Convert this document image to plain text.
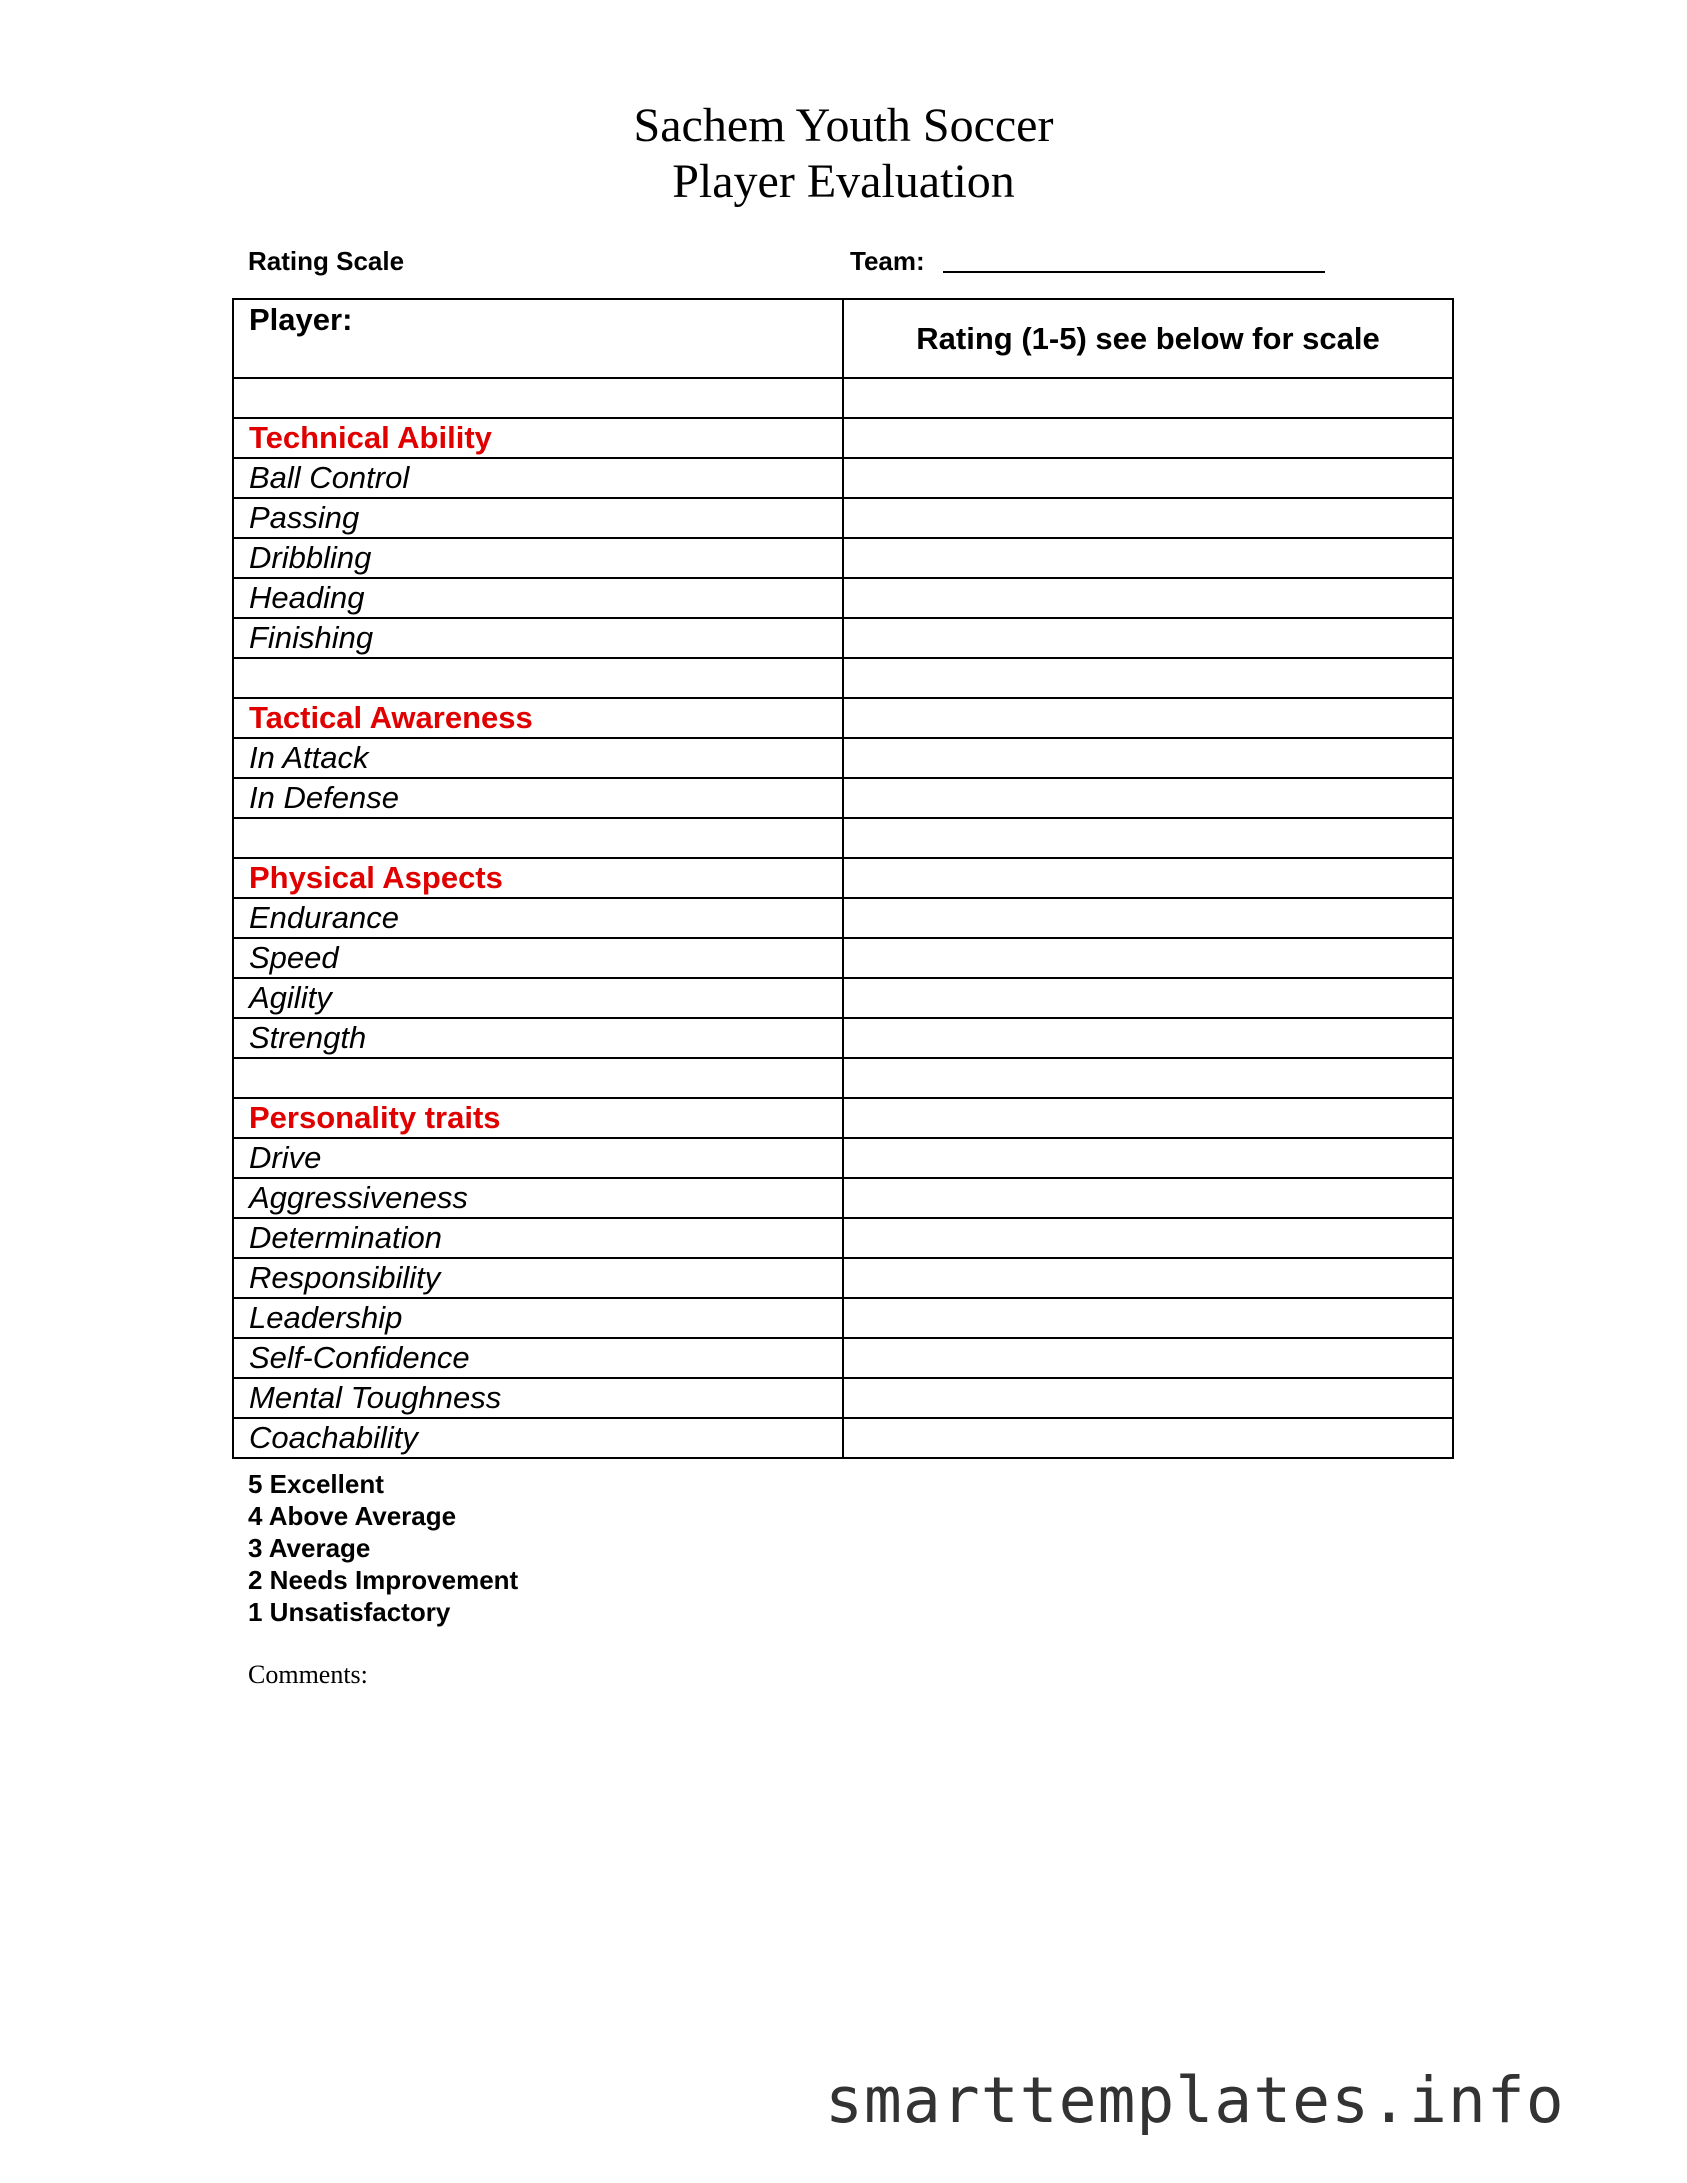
Sachem Youth Soccer
Player Evaluation
Rating Scale	Team:
Player:	Rating (1-5) see below for scale

Technical Ability	
Ball Control	
Passing	
Dribbling	
Heading	
Finishing	

Tactical Awareness	
In Attack	
In Defense	

Physical Aspects	
Endurance	
Speed	
Agility	
Strength	

Personality traits	
Drive	
Aggressiveness	
Determination	
Responsibility	
Leadership	
Self-Confidence	
Mental Toughness	
Coachability	
5 Excellent
4 Above Average
3 Average
2 Needs Improvement
1 Unsatisfactory
Comments:
smarttemplates.info
